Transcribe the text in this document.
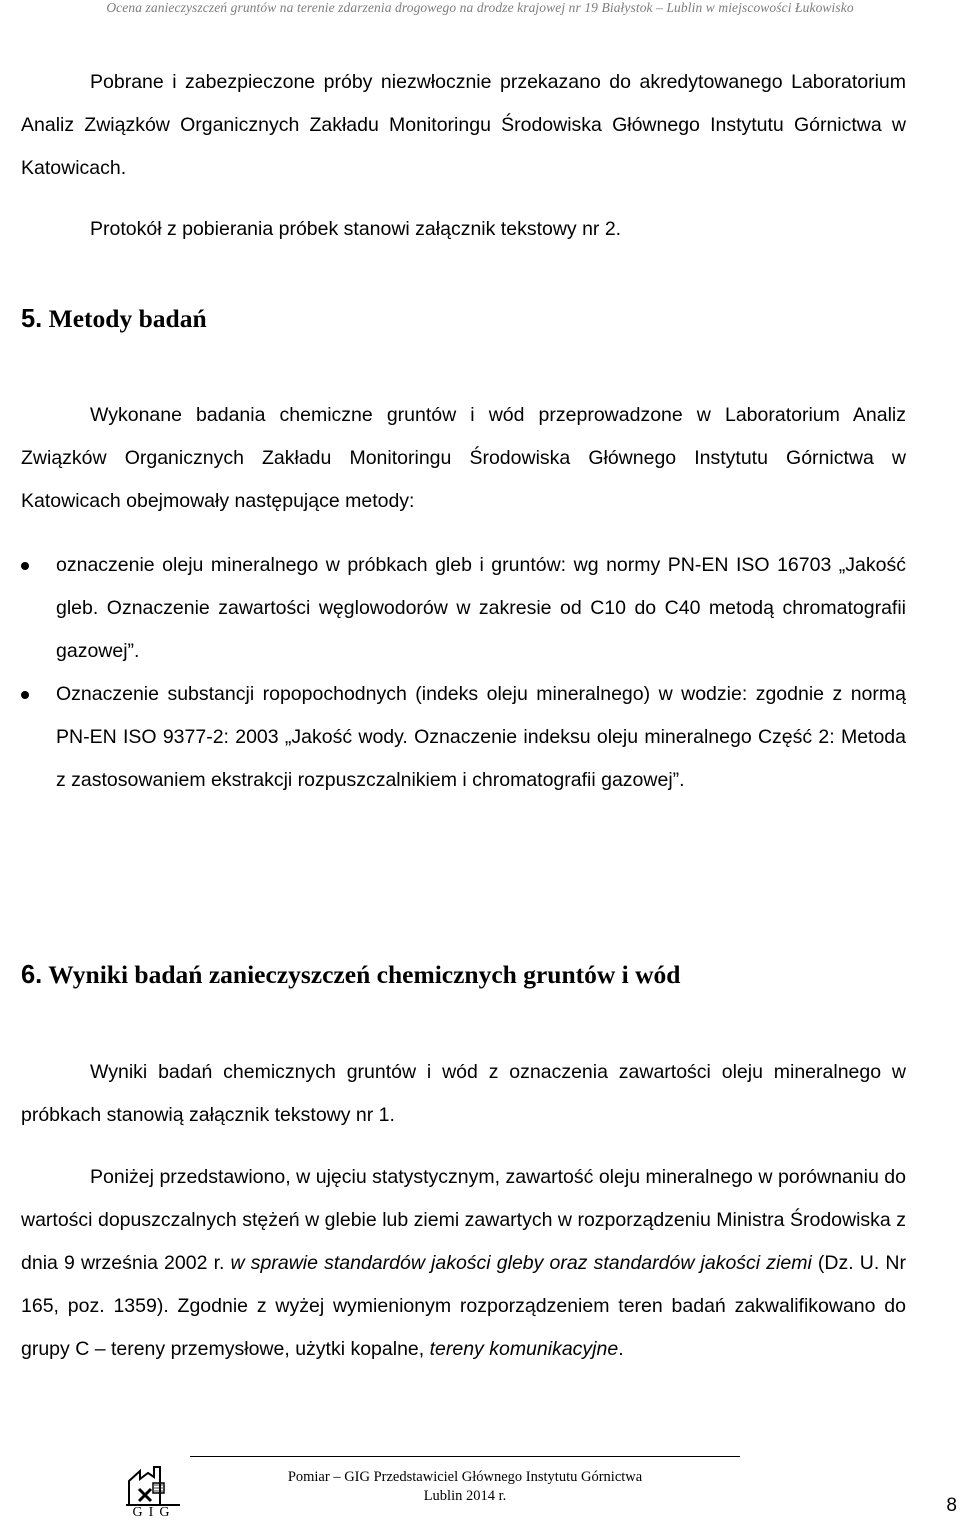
Ocena zanieczyszczeń gruntów na terenie zdarzenia drogowego na drodze krajowej nr 19 Białystok – Lublin w miejscowości Łukowisko

Pobrane i zabezpieczone próby niezwłocznie przekazano do akredytowanego Laboratorium Analiz Związków Organicznych Zakładu Monitoringu Środowiska Głównego Instytutu Górnictwa w Katowicach.

Protokół z pobierania próbek stanowi załącznik tekstowy nr 2.

5. Metody badań

Wykonane badania chemiczne gruntów i wód przeprowadzone w Laboratorium Analiz Związków Organicznych Zakładu Monitoringu Środowiska Głównego Instytutu Górnictwa w Katowicach obejmowały następujące metody:

oznaczenie oleju mineralnego w próbkach gleb i gruntów: wg normy PN-EN ISO 16703 „Jakość gleb. Oznaczenie zawartości węglowodorów w zakresie od C10 do C40 metodą chromatografii gazowej”.
Oznaczenie substancji ropopochodnych (indeks oleju mineralnego) w wodzie: zgodnie z normą PN-EN ISO 9377-2: 2003 „Jakość wody. Oznaczenie indeksu oleju mineralnego Część 2: Metoda z zastosowaniem ekstrakcji rozpuszczalnikiem i chromatografii gazowej”.
6. Wyniki badań zanieczyszczeń chemicznych gruntów i wód

Wyniki badań chemicznych gruntów i wód z oznaczenia zawartości oleju mineralnego w próbkach stanowią załącznik tekstowy nr 1.

Poniżej przedstawiono, w ujęciu statystycznym, zawartość oleju mineralnego w porównaniu do wartości dopuszczalnych stężeń w glebie lub ziemi zawartych w rozporządzeniu Ministra Środowiska z dnia 9 września 2002 r. w sprawie standardów jakości gleby oraz standardów jakości ziemi (Dz. U. Nr 165, poz. 1359). Zgodnie z wyżej wymienionym rozporządzeniem teren badań zakwalifikowano do grupy C – tereny przemysłowe, użytki kopalne, tereny komunikacyjne.

GIG
Pomiar – GIG Przedstawiciel Głównego Instytutu Górnictwa
Lublin 2014 r.	8
